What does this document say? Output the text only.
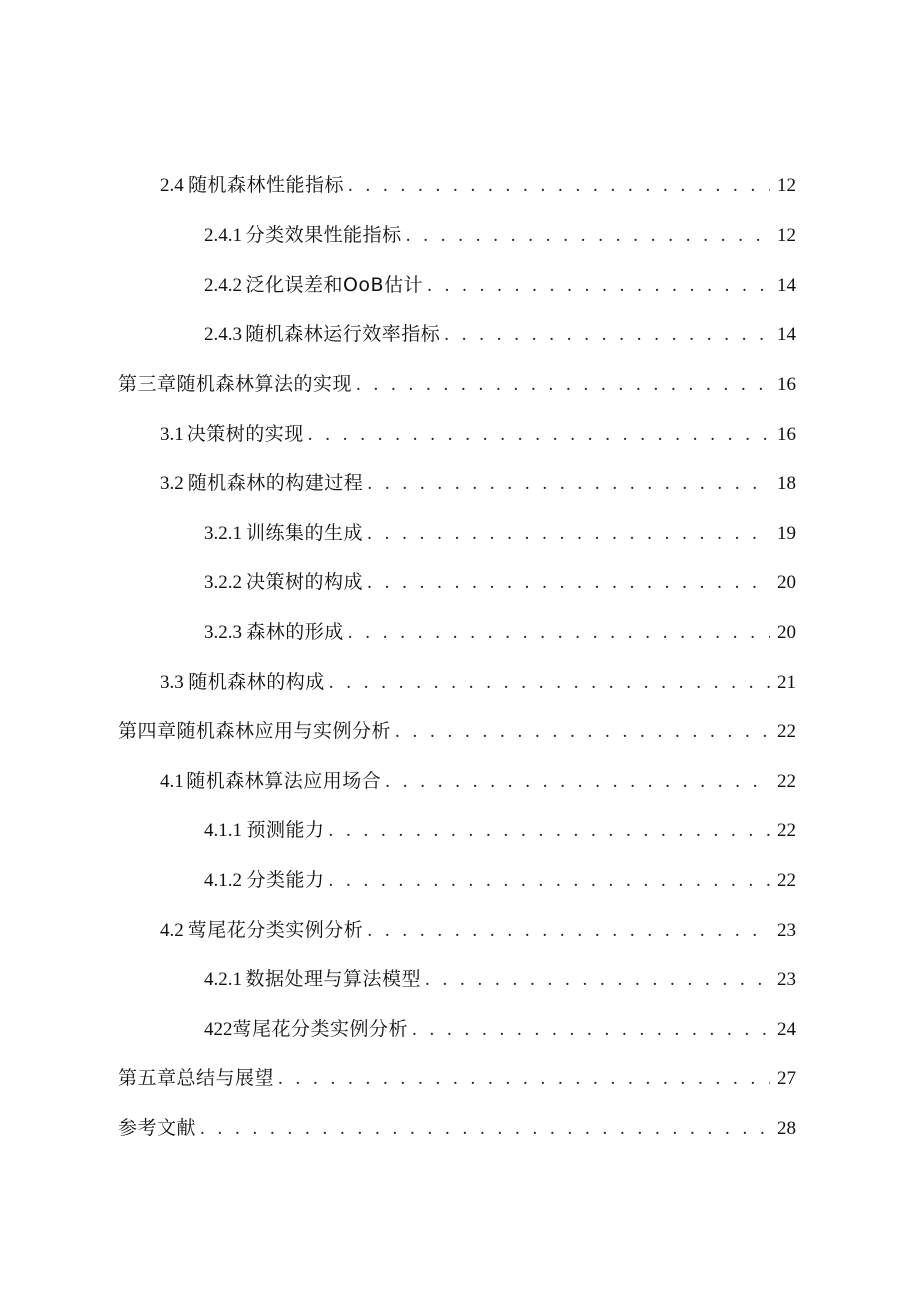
2.4 随机森林性能指标 . . .	12
2.4.1 分类效果性能指标 . . .	12
2.4.2 泛化误差和OoB估计 . . .	14
2.4.3 随机森林运行效率指标 . . .	14
第三章随机森林算法的实现 . . .	16
3.1 决策树的实现 . . .	16
3.2 随机森林的构建过程 . . .	18
3.2.1 训练集的生成 . . .	19
3.2.2 决策树的构成 . . .	20
3.2.3 森林的形成 . . .	20
3.3 随机森林的构成 . . .	21
第四章随机森林应用与实例分析 . . .	22
4.1 随机森林算法应用场合 . . .	22
4.1.1 预测能力 . . .	22
4.1.2 分类能力 . . .	22
4.2 莺尾花分类实例分析 . . .	23
4.2.1 数据处理与算法模型 . . .	23
422 莺尾花分类实例分析 . . .	24
第五章总结与展望 . . .	27
参考文献 . . .	28
